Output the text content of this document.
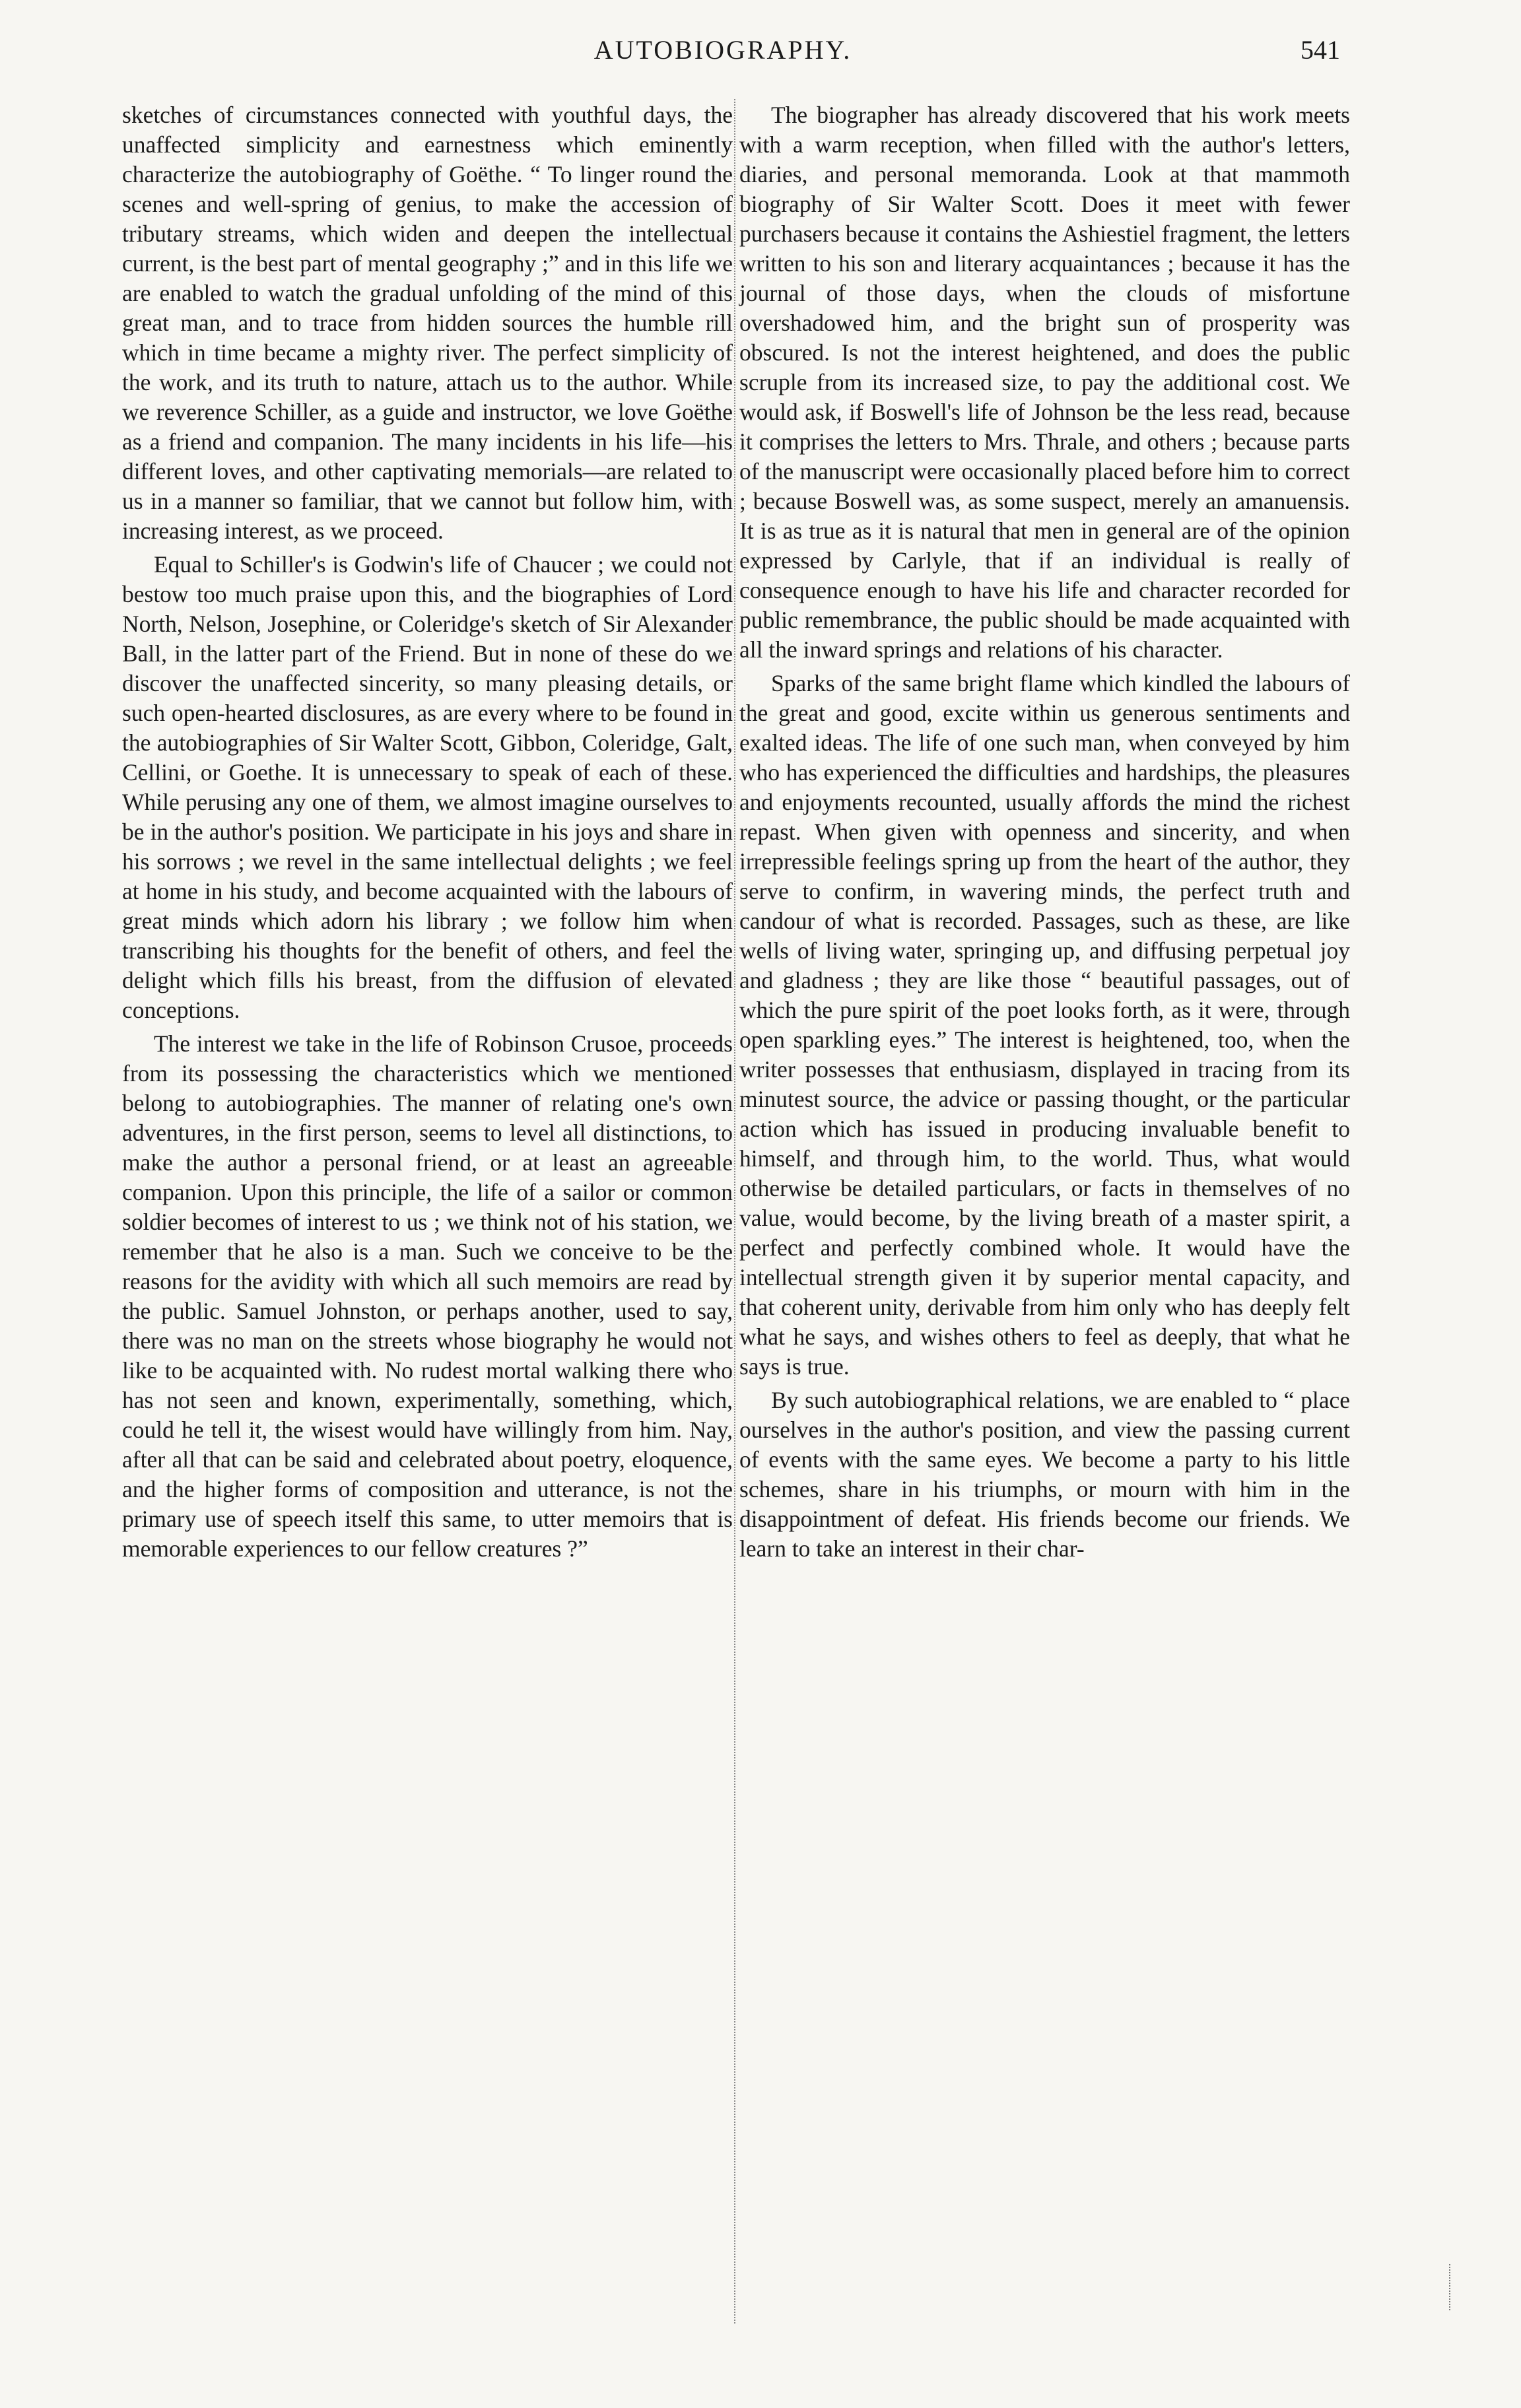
AUTOBIOGRAPHY.	541

sketches of circumstances connected with youthful days, the unaffected simplicity and earnestness which eminently characterize the autobiography of Goëthe. “ To linger round the scenes and well-spring of genius, to make the accession of tributary streams, which widen and deepen the intellectual current, is the best part of mental geography ;” and in this life we are enabled to watch the gradual unfolding of the mind of this great man, and to trace from hidden sources the humble rill which in time became a mighty river. The perfect simplicity of the work, and its truth to nature, attach us to the author. While we reverence Schiller, as a guide and instructor, we love Goëthe as a friend and companion. The many incidents in his life—his different loves, and other captivating memorials—are related to us in a manner so familiar, that we cannot but follow him, with increasing interest, as we proceed.

Equal to Schiller's is Godwin's life of Chaucer ; we could not bestow too much praise upon this, and the biographies of Lord North, Nelson, Josephine, or Coleridge's sketch of Sir Alexander Ball, in the latter part of the Friend. But in none of these do we discover the unaffected sincerity, so many pleasing details, or such open-hearted disclosures, as are every where to be found in the autobiographies of Sir Walter Scott, Gibbon, Coleridge, Galt, Cellini, or Goethe. It is unnecessary to speak of each of these. While perusing any one of them, we almost imagine ourselves to be in the author's position. We participate in his joys and share in his sorrows ; we revel in the same intellectual delights ; we feel at home in his study, and become acquainted with the labours of great minds which adorn his library ; we follow him when transcribing his thoughts for the benefit of others, and feel the delight which fills his breast, from the diffusion of elevated conceptions.

The interest we take in the life of Robinson Crusoe, proceeds from its possessing the characteristics which we mentioned belong to autobiographies. The manner of relating one's own adventures, in the first person, seems to level all distinctions, to make the author a personal friend, or at least an agreeable companion. Upon this principle, the life of a sailor or common soldier becomes of interest to us ; we think not of his station, we remember that he also is a man. Such we conceive to be the reasons for the avidity with which all such memoirs are read by the public. Samuel Johnston, or perhaps another, used to say, there was no man on the streets whose biography he would not like to be acquainted with. No rudest mortal walking there who has not seen and known, experimentally, something, which, could he tell it, the wisest would have willingly from him. Nay, after all that can be said and celebrated about poetry, eloquence, and the higher forms of composition and utterance, is not the primary use of speech itself this same, to utter memoirs that is memorable experiences to our fellow creatures ?”

The biographer has already discovered that his work meets with a warm reception, when filled with the author's letters, diaries, and personal memoranda. Look at that mammoth biography of Sir Walter Scott. Does it meet with fewer purchasers because it contains the Ashiestiel fragment, the letters written to his son and literary acquaintances ; because it has the journal of those days, when the clouds of misfortune overshadowed him, and the bright sun of prosperity was obscured. Is not the interest heightened, and does the public scruple from its increased size, to pay the additional cost. We would ask, if Boswell's life of Johnson be the less read, because it comprises the letters to Mrs. Thrale, and others ; because parts of the manuscript were occasionally placed before him to correct ; because Boswell was, as some suspect, merely an amanuensis. It is as true as it is natural that men in general are of the opinion expressed by Carlyle, that if an individual is really of consequence enough to have his life and character recorded for public remembrance, the public should be made acquainted with all the inward springs and relations of his character.

Sparks of the same bright flame which kindled the labours of the great and good, excite within us generous sentiments and exalted ideas. The life of one such man, when conveyed by him who has experienced the difficulties and hardships, the pleasures and enjoyments recounted, usually affords the mind the richest repast. When given with openness and sincerity, and when irrepressible feelings spring up from the heart of the author, they serve to confirm, in wavering minds, the perfect truth and candour of what is recorded. Passages, such as these, are like wells of living water, springing up, and diffusing perpetual joy and gladness ; they are like those “ beautiful passages, out of which the pure spirit of the poet looks forth, as it were, through open sparkling eyes.” The interest is heightened, too, when the writer possesses that enthusiasm, displayed in tracing from its minutest source, the advice or passing thought, or the particular action which has issued in producing invaluable benefit to himself, and through him, to the world. Thus, what would otherwise be detailed particulars, or facts in themselves of no value, would become, by the living breath of a master spirit, a perfect and perfectly combined whole. It would have the intellectual strength given it by superior mental capacity, and that coherent unity, derivable from him only who has deeply felt what he says, and wishes others to feel as deeply, that what he says is true.

By such autobiographical relations, we are enabled to “ place ourselves in the author's position, and view the passing current of events with the same eyes. We become a party to his little schemes, share in his triumphs, or mourn with him in the disappointment of defeat. His friends become our friends. We learn to take an interest in their char-
